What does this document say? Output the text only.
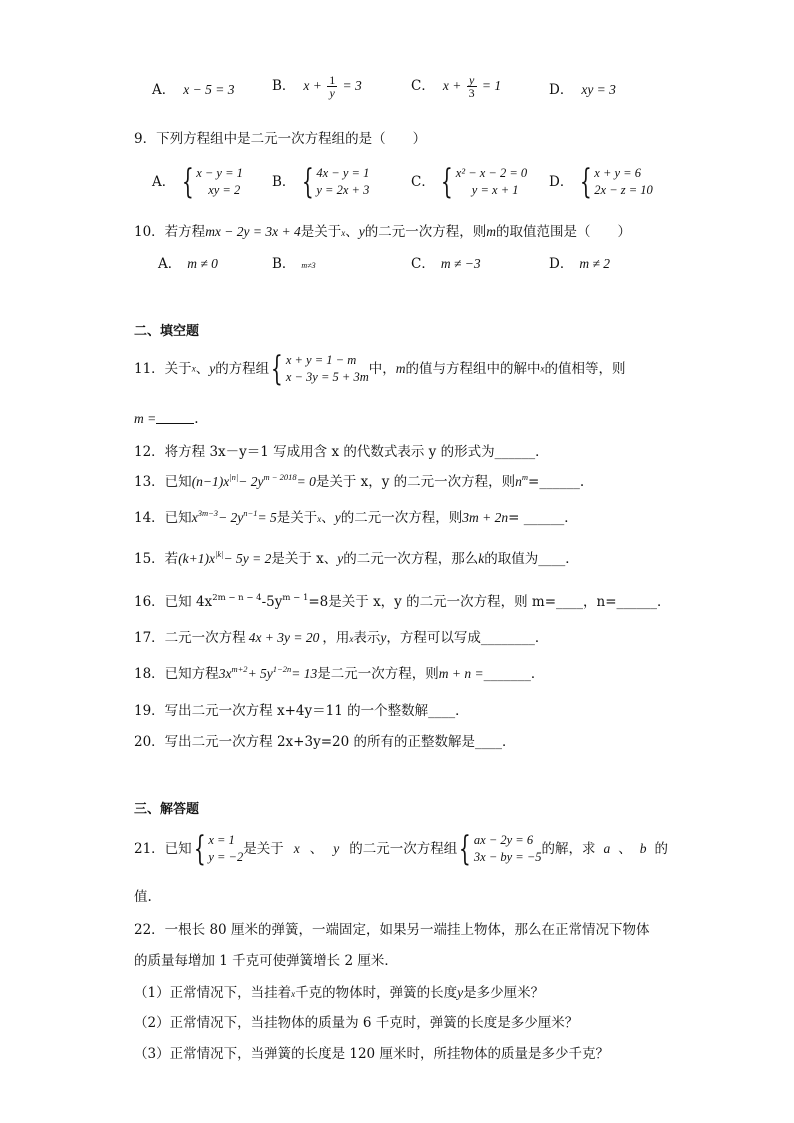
A． x − 5 = 3	B． $x + \frac{1}{y} = 3$	C． $x + \frac{y}{3} = 1$	D． xy = 3
9．下列方程组中是二元一次方程组的是（　　）
A． { x − y = 1
xy = 2
B． { 4x − y = 1
y = 2x + 3
C． { x² − x − 2 = 0
y = x + 1
D． { x + y = 6
2x − z = 10
10．若方程mx − 2y = 3x + 4是关于x、y的二元一次方程，则m的取值范围是（　　）
A． m ≠ 0	B． m≠3	C． m ≠ −3	D． m ≠ 2
二、填空题
11．关于x、y的方程组 { x + y = 1 − m
x − 3y = 5 + 3m
中，m的值与方程组中的解中x的值相等，则
m =	.
12．将方程 3x－y＝1 写成用含 x 的代数式表示 y 的形式为______．
13．已知$(n-1)x^{|n|}- 2y^{m - 2018}= 0$是关于 x，y 的二元一次方程，则$n^m=\_\_\_\_\_\_$.
14．已知$x^{3m-3}- 2y^{n-1}= 5$是关于x、y的二元一次方程，则3m + 2n= ______．
15．若$(k+1)x^{|k|}- 5y = 2$是关于 x、y的二元一次方程，那么k的取值为____．
16．已知 $4x^{2m - n - 4}-5y^{m - 1}=8$是关于 x，y 的二元一次方程，则 m=____，n=______．
17．二元一次方程 4x + 3y = 20 ，用x表示y，方程可以写成________．
18．已知方程$3x^{m+2}+ 5y^{1-2n}= 13$是二元一次方程，则m + n =_______．
19．写出二元一次方程 x+4y＝11 的一个整数解____．
20．写出二元一次方程 2x+3y=20 的所有的正整数解是____．
三、解答题
21．已知 { x = 1
y = −2
是关于 x 、 y 的二元一次方程组 { ax − 2y = 6
3x − by = −5
的解，求 a 、 b 的
值.
22．一根长 80 厘米的弹簧，一端固定，如果另一端挂上物体，那么在正常情况下物体
的质量每增加 1 千克可使弹簧增长 2 厘米．
（1）正常情况下，当挂着x千克的物体时，弹簧的长度y是多少厘米？
（2）正常情况下，当挂物体的质量为 6 千克时，弹簧的长度是多少厘米？
（3）正常情况下，当弹簧的长度是 120 厘米时，所挂物体的质量是多少千克？
